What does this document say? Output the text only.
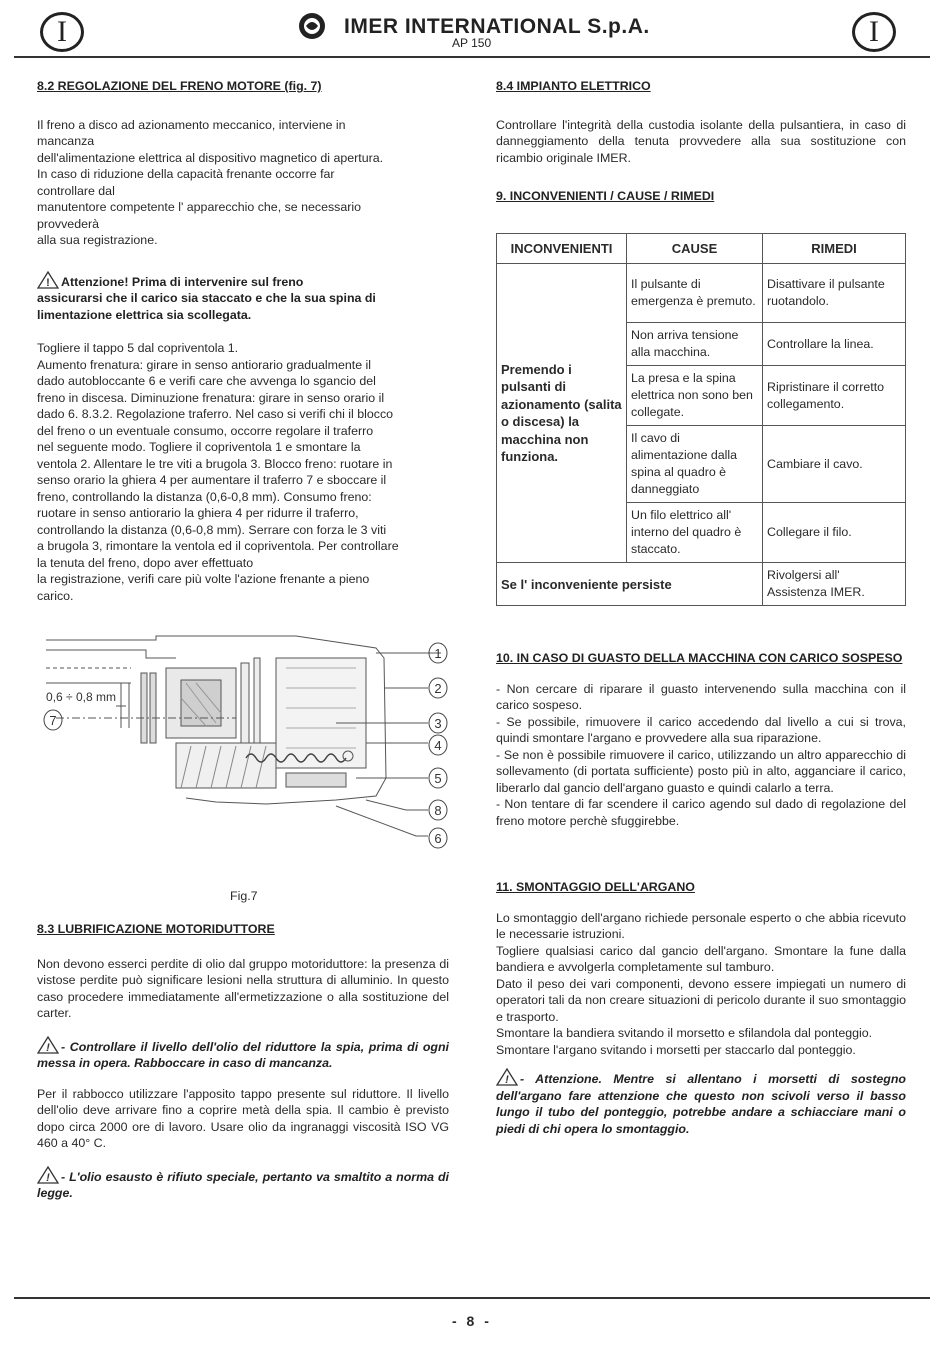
I	I
IMER INTERNATIONAL S.p.A.
AP 150

8.2 REGOLAZIONE DEL FRENO MOTORE (fig. 7)

Il freno a disco ad azionamento meccanico, interviene in

mancanza

dell'alimentazione elettrica al dispositivo magnetico di apertura.

In caso di riduzione della capacità frenante occorre far

controllare dal

manutentore competente l' apparecchio che, se necessario

provvederà

alla sua registrazione.

! Attenzione! Prima di intervenire sul freno

assicurarsi che il carico sia staccato e che la sua spina di

limentazione elettrica sia scollegata.

Togliere il tappo 5 dal copriventola 1.

Aumento frenatura: girare in senso antiorario gradualmente il

dado autobloccante 6 e verifi care che avvenga lo sgancio del

freno in discesa. Diminuzione frenatura: girare in senso orario il

dado 6. 8.3.2. Regolazione traferro. Nel caso si verifi chi il blocco

del freno o un eventuale consumo, occorre regolare il traferro

nel seguente modo. Togliere il copriventola 1 e smontare la

ventola 2. Allentare le tre viti a brugola 3. Blocco freno: ruotare in

senso orario la ghiera 4 per aumentare il traferro 7 e sboccare il

freno, controllando la distanza (0,6-0,8 mm). Consumo freno:

ruotare in senso antiorario la ghiera 4 per ridurre il traferro,

controllando la distanza (0,6-0,8 mm). Serrare con forza le 3 viti

a brugola 3, rimontare la ventola ed il copriventola. Per controllare

la tenuta del freno, dopo aver effettuato

la registrazione, verifi care più volte l'azione frenante a pieno

carico.

1
2
3
4
5
8
6
7
0,6 ÷ 0,8 mm
Fig.7

8.3 LUBRIFICAZIONE MOTORIDUTTORE

Non devono esserci perdite di olio dal gruppo motoriduttore: la presenza di vistose perdite può significare lesioni nella struttura di alluminio. In questo caso procedere immediatamente all'ermetizzazione o alla sostituzione del carter.

! - Controllare il livello dell'olio del riduttore la spia, prima di ogni messa in opera. Rabboccare in caso di mancanza.

Per il rabbocco utilizzare l'apposito tappo presente sul riduttore. Il livello dell'olio deve arrivare fino a coprire metà della spia. Il cambio è previsto dopo circa 2000 ore di lavoro. Usare olio da ingranaggi viscosità ISO VG 460 a 40° C.

! - L'olio esausto è rifiuto speciale, pertanto va smaltito a norma di legge.

8.4 IMPIANTO ELETTRICO

Controllare l'integrità della custodia isolante della pulsantiera, in caso di danneggiamento della tenuta provvedere alla sua sostituzione con ricambio originale IMER.

9. INCONVENIENTI / CAUSE / RIMEDI

INCONVENIENTI	CAUSE	RIMEDI
Premendo i pulsanti di azionamento (salita o discesa) la macchina non funziona.	Il pulsante di emergenza è premuto.	Disattivare il pulsante ruotandolo.
	Non arriva tensione alla macchina.	Controllare la linea.
	La presa e la spina elettrica non sono ben collegate.	Ripristinare il corretto collegamento.
	Il cavo di alimentazione dalla spina al quadro è danneggiato	Cambiare il cavo.
	Un filo elettrico all' interno del quadro è staccato.	Collegare il filo.
Se l' inconveniente persiste		Rivolgersi all' Assistenza IMER.

10. IN CASO DI GUASTO DELLA MACCHINA CON CARICO SOSPESO

- Non cercare di riparare il guasto intervenendo sulla macchina con il carico sospeso.

- Se possibile, rimuovere il carico accedendo dal livello a cui si trova, quindi smontare l'argano e provvedere alla sua riparazione.

- Se non è possibile rimuovere il carico, utilizzando un altro apparecchio di sollevamento (di portata sufficiente) posto più in alto, agganciare il carico, liberarlo dal gancio dell'argano guasto e quindi calarlo a terra.

- Non tentare di far scendere il carico agendo sul dado di regolazione del freno motore perchè sfuggirebbe.

11. SMONTAGGIO DELL'ARGANO

Lo smontaggio dell'argano richiede personale esperto o che abbia ricevuto le necessarie istruzioni.

Togliere qualsiasi carico dal gancio dell'argano. Smontare la fune dalla bandiera e avvolgerla completamente sul tamburo.

Dato il peso dei vari componenti, devono essere impiegati un numero di operatori tali da non creare situazioni di pericolo durante il suo smontaggio e trasporto.

Smontare la bandiera svitando il morsetto e sfilandola dal ponteggio.

Smontare l'argano svitando i morsetti per staccarlo dal ponteggio.

! - Attenzione. Mentre si allentano i morsetti di sostegno dell'argano fare attenzione che questo non scivoli verso il basso lungo il tubo del ponteggio, potrebbe andare a schiacciare mani o piedi di chi opera lo smontaggio.

- 8 -
